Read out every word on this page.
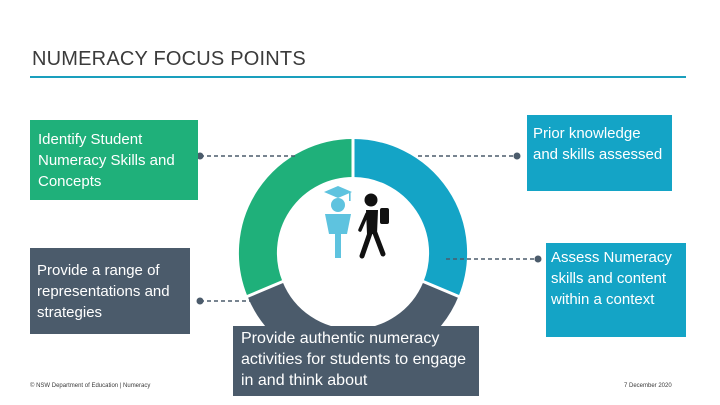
NUMERACY FOCUS POINTS
Identify Student Numeracy Skills and Concepts
Prior knowledge and skills assessed
Provide a range of representations and strategies
Assess Numeracy skills and content within a context
Provide authentic numeracy activities for students to engage in and think about
© NSW Department of Education | Numeracy	7 December 2020
